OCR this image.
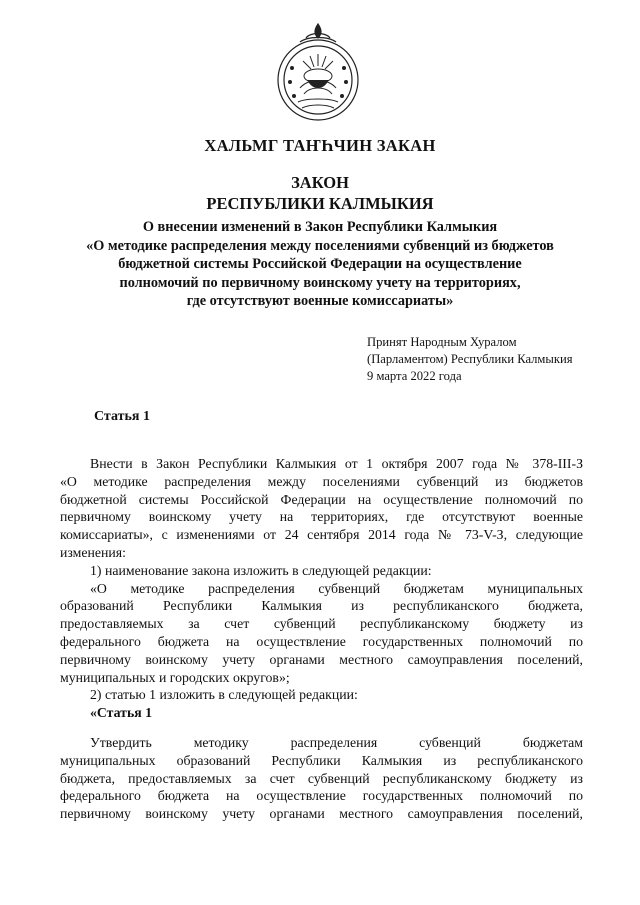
ХАЛЬМГ ТАҤҺЧИН ЗАКАН
ЗАКОН
РЕСПУБЛИКИ КАЛМЫКИЯ
О внесении изменений в Закон Республики Калмыкия
«О методике распределения между поселениями субвенций из бюджетов
бюджетной системы Российской Федерации на осуществление
полномочий по первичному воинскому учету на территориях,
где отсутствуют военные комиссариаты»
Принят Народным Хуралом
(Парламентом) Республики Калмыкия
9 марта 2022 года
Статья 1
Внести в Закон Республики Калмыкия от 1 октября 2007 года № 378-III-З
«О методике распределения между поселениями субвенций из бюджетов
бюджетной системы Российской Федерации на осуществление полномочий по
первичному воинскому учету на территориях, где отсутствуют военные
комиссариаты», с изменениями от 24 сентября 2014 года № 73-V-З, следующие
изменения:
1) наименование закона изложить в следующей редакции:
«О методике распределения субвенций бюджетам муниципальных
образований Республики Калмыкия из республиканского бюджета,
предоставляемых за счет субвенций республиканскому бюджету из
федерального бюджета на осуществление государственных полномочий по
первичному воинскому учету органами местного самоуправления поселений,
муниципальных и городских округов»;
2) статью 1 изложить в следующей редакции:
«Статья 1
Утвердить методику распределения субвенций бюджетам
муниципальных образований Республики Калмыкия из республиканского
бюджета, предоставляемых за счет субвенций республиканскому бюджету из
федерального бюджета на осуществление государственных полномочий по
первичному воинскому учету органами местного самоуправления поселений,
